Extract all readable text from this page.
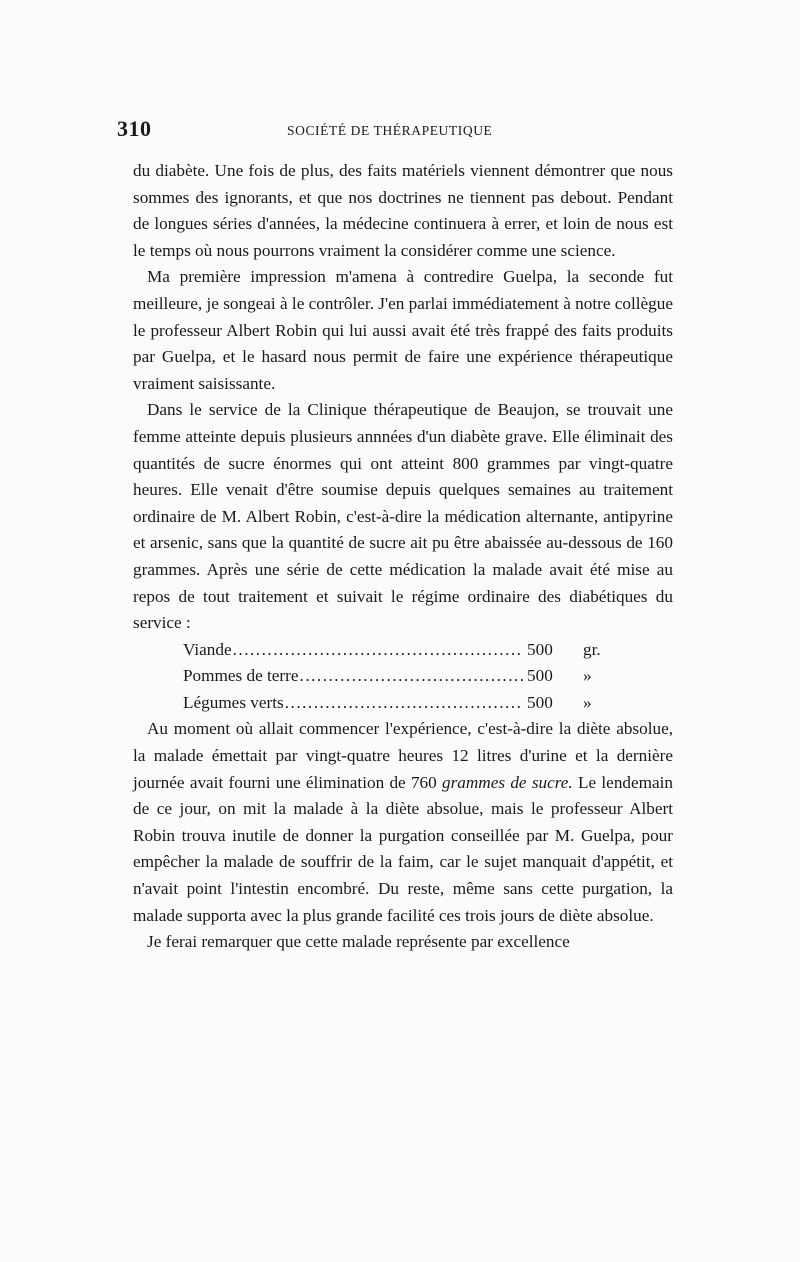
310	SOCIÉTÉ DE THÉRAPEUTIQUE

du diabète. Une fois de plus, des faits matériels viennent démontrer que nous sommes des ignorants, et que nos doctrines ne tiennent pas debout. Pendant de longues séries d'années, la médecine continuera à errer, et loin de nous est le temps où nous pourrons vraiment la considérer comme une science.

Ma première impression m'amena à contredire Guelpa, la seconde fut meilleure, je songeai à le contrôler. J'en parlai immédiatement à notre collègue le professeur Albert Robin qui lui aussi avait été très frappé des faits produits par Guelpa, et le hasard nous permit de faire une expérience thérapeutique vraiment saisissante.

Dans le service de la Clinique thérapeutique de Beaujon, se trouvait une femme atteinte depuis plusieurs annnées d'un diabète grave. Elle éliminait des quantités de sucre énormes qui ont atteint 800 grammes par vingt-quatre heures. Elle venait d'être soumise depuis quelques semaines au traitement ordinaire de M. Albert Robin, c'est-à-dire la médication alternante, antipyrine et arsenic, sans que la quantité de sucre ait pu être abaissée au-dessous de 160 grammes. Après une série de cette médication la malade avait été mise au repos de tout traitement et suivait le régime ordinaire des diabétiques du service :

Viande .....	500	gr.
Pommes de terre .....	500	»
Légumes verts .....	500	»

Au moment où allait commencer l'expérience, c'est-à-dire la diète absolue, la malade émettait par vingt-quatre heures 12 litres d'urine et la dernière journée avait fourni une élimination de 760 grammes de sucre. Le lendemain de ce jour, on mit la malade à la diète absolue, mais le professeur Albert Robin trouva inutile de donner la purgation conseillée par M. Guelpa, pour empêcher la malade de souffrir de la faim, car le sujet manquait d'appétit, et n'avait point l'intestin encombré. Du reste, même sans cette purgation, la malade supporta avec la plus grande facilité ces trois jours de diète absolue.

Je ferai remarquer que cette malade représente par excellence
